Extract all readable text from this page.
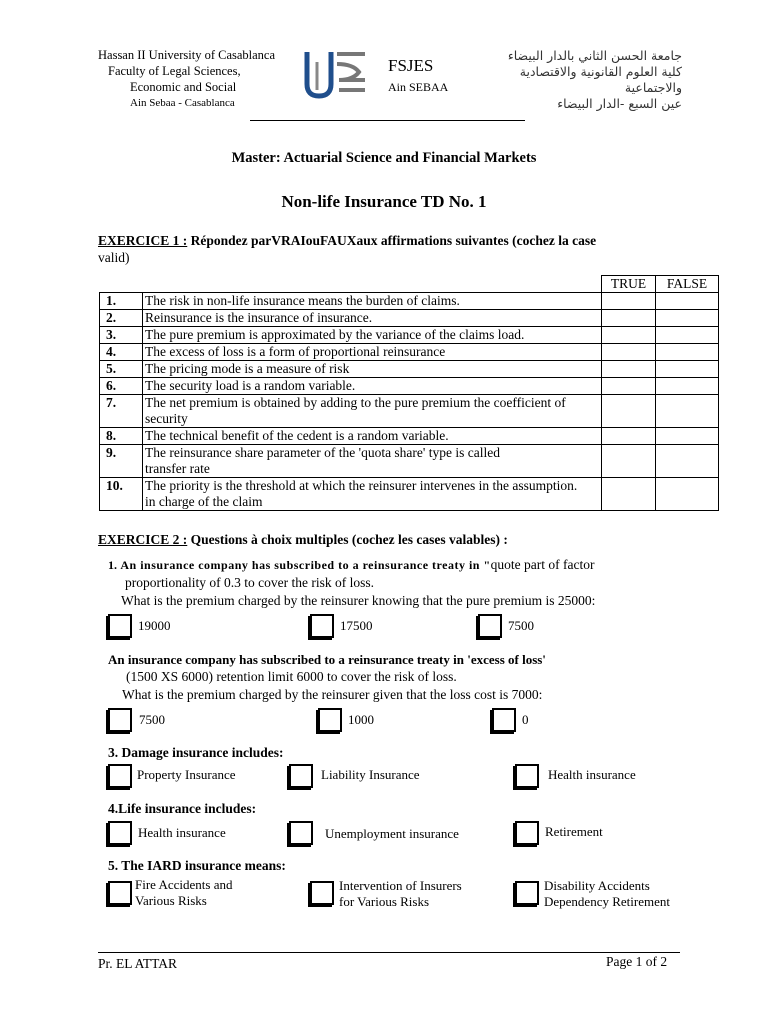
Hassan II University of Casablanca
Faculty of Legal Sciences,
Economic and Social
Ain Sebaa - Casablanca
FSJES
Ain SEBAA
جامعة الحسن الثاني بالدار البيضاء
كلية العلوم القانونية والاقتصادية والاجتماعية
عين السبع -الدار البيضاء
Master: Actuarial Science and Financial Markets
Non-life Insurance TD No. 1
EXERCICE 1 : Répondez parVRAIouFAUXaux affirmations suivantes (cochez la case
valid)
		TRUE	FALSE
1.	The risk in non-life insurance means the burden of claims.		
2.	Reinsurance is the insurance of insurance.		
3.	The pure premium is approximated by the variance of the claims load.		
4.	The excess of loss is a form of proportional reinsurance		
5.	The pricing mode is a measure of risk		
6.	The security load is a random variable.		
7.	The net premium is obtained by adding to the pure premium the coefficient of
security		

8.	The technical benefit of the cedent is a random variable.		
9.	The reinsurance share parameter of the 'quota share' type is called
transfer rate		

10.	The priority is the threshold at which the reinsurer intervenes in the assumption.
in charge of the claim		

EXERCICE 2 : Questions à choix multiples (cochez les cases valables) :
1. An insurance company has subscribed to a reinsurance treaty in "quote part of factor
proportionality of 0.3 to cover the risk of loss.
What is the premium charged by the reinsurer knowing that the pure premium is 25000:
19000	17500	7500
An insurance company has subscribed to a reinsurance treaty in 'excess of loss'
(1500 XS 6000) retention limit 6000 to cover the risk of loss.
What is the premium charged by the reinsurer given that the loss cost is 7000:
7500	1000	0
3. Damage insurance includes:
Property Insurance	Liability Insurance	Health insurance
4.Life insurance includes:
Health insurance	Unemployment insurance	Retirement
5. The IARD insurance means:
Fire Accidents and
Various Risks
Intervention of Insurers
for Various Risks
Disability Accidents
Dependency Retirement
Pr. EL ATTAR	Page 1 of 2
